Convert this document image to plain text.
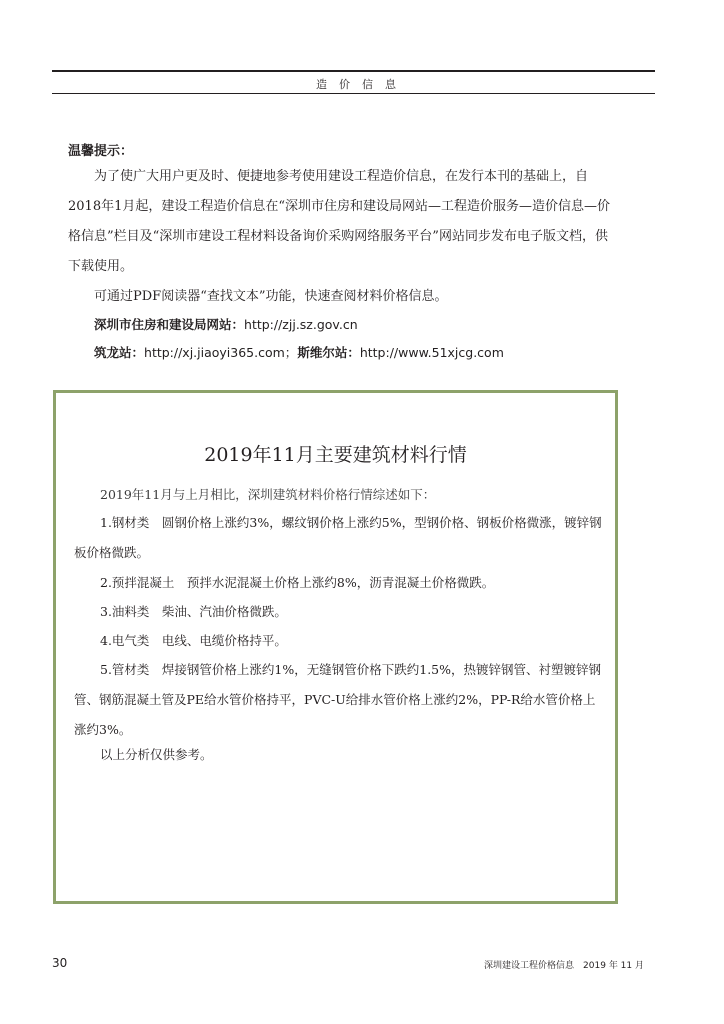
造价信息
温馨提示：

为了使广大用户更及时、便捷地参考使用建设工程造价信息，在发行本刊的基础上，自2018年1月起，建设工程造价信息在“深圳市住房和建设局网站—工程造价服务—造价信息—价格信息”栏目及“深圳市建设工程材料设备询价采购网络服务平台”网站同步发布电子版文档，供下载使用。

可通过PDF阅读器“查找文本”功能，快速查阅材料价格信息。

深圳市住房和建设局网站：http://zjj.sz.gov.cn
筑龙站：http://xj.jiaoyi365.com；斯维尔站：http://www.51xjcg.com
2019年11月主要建筑材料行情
2019年11月与上月相比，深圳建筑材料价格行情综述如下：

1.钢材类　圆钢价格上涨约3%，螺纹钢价格上涨约5%，型钢价格、钢板价格微涨，镀锌钢板价格微跌。

2.预拌混凝土　预拌水泥混凝土价格上涨约8%，沥青混凝土价格微跌。

3.油料类　柴油、汽油价格微跌。

4.电气类　电线、电缆价格持平。

5.管材类　焊接钢管价格上涨约1%，无缝钢管价格下跌约1.5%，热镀锌钢管、衬塑镀锌钢管、钢筋混凝土管及PE给水管价格持平，PVC-U给排水管价格上涨约2%，PP-R给水管价格上涨约3%。

以上分析仅供参考。
30	深圳建设工程价格信息　2019 年 11 月
